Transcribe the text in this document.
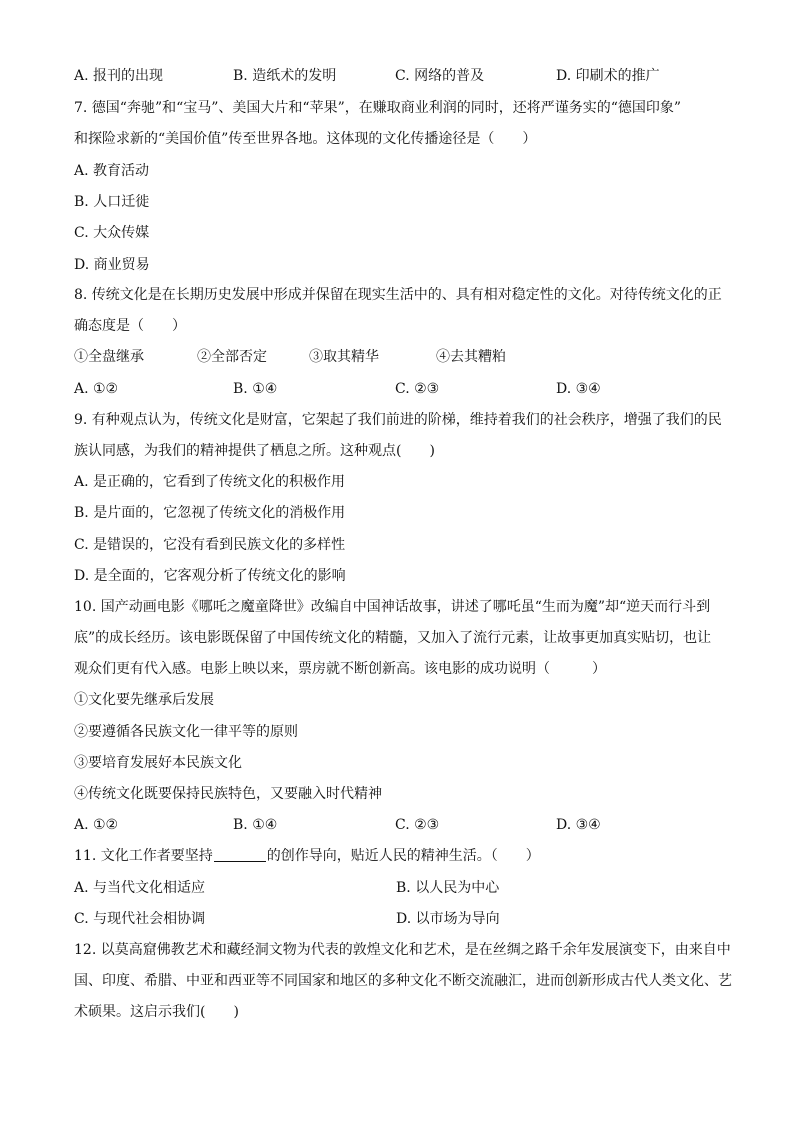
A. 报刊的出现	B. 造纸术的发明	C. 网络的普及	D. 印刷术的推广
7. 德国“奔驰”和“宝马”、美国大片和“苹果”，在赚取商业利润的同时，还将严谨务实的“德国印象”
和探险求新的“美国价值”传至世界各地。这体现的文化传播途径是（　　）
A. 教育活动
B. 人口迁徙
C. 大众传媒
D. 商业贸易
8. 传统文化是在长期历史发展中形成并保留在现实生活中的、具有相对稳定性的文化。对待传统文化的正
确态度是（　　）
①全盘继承	②全部否定	③取其精华	④去其糟粕
A. ①②	B. ①④	C. ②③	D. ③④
9. 有种观点认为，传统文化是财富，它架起了我们前进的阶梯，维持着我们的社会秩序，增强了我们的民
族认同感，为我们的精神提供了栖息之所。这种观点(　　)
A. 是正确的，它看到了传统文化的积极作用
B. 是片面的，它忽视了传统文化的消极作用
C. 是错误的，它没有看到民族文化的多样性
D. 是全面的，它客观分析了传统文化的影响
10. 国产动画电影《哪吒之魔童降世》改编自中国神话故事，讲述了哪吒虽“生而为魔”却“逆天而行斗到
底”的成长经历。该电影既保留了中国传统文化的精髓，又加入了流行元素，让故事更加真实贴切，也让
观众们更有代入感。电影上映以来，票房就不断创新高。该电影的成功说明（　　　）
①文化要先继承后发展
②要遵循各民族文化一律平等的原则
③要培育发展好本民族文化
④传统文化既要保持民族特色，又要融入时代精神
A. ①②	B. ①④	C. ②③	D. ③④
11. 文化工作者要坚持	的创作导向，贴近人民的精神生活。（　　）
A. 与当代文化相适应	B. 以人民为中心
C. 与现代社会相协调	D. 以市场为导向
12. 以莫高窟佛教艺术和藏经洞文物为代表的敦煌文化和艺术，是在丝绸之路千余年发展演变下，由来自中
国、印度、希腊、中亚和西亚等不同国家和地区的多种文化不断交流融汇，进而创新形成古代人类文化、艺
术硕果。这启示我们(　　)
